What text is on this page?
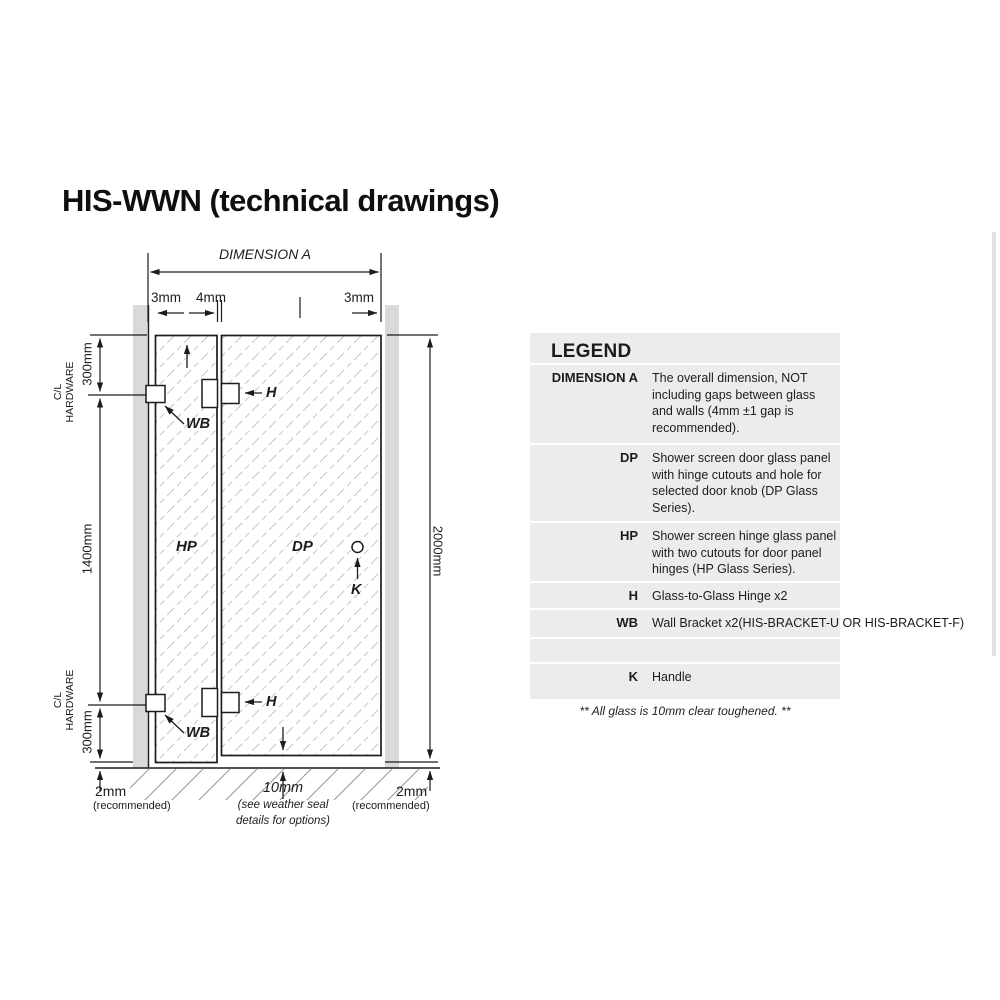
HIS-WWN (technical drawings)
DIMENSION A
3mm 4mm	3mm
C/L HARDWARE
C/L HARDWARE
300mm
1400mm
300mm
2000mm
HP	DP
WB
WB
H
H
K
2mm
(recommended)
10mm
(see weather seal
details for options)
2mm
(recommended)
LEGEND
DIMENSION A	The overall dimension, NOT including gaps between glass and walls (4mm ±1 gap is recommended).
DP	Shower screen door glass panel with hinge cutouts and hole for selected door knob (DP Glass Series).
HP	Shower screen hinge glass panel with two cutouts for door panel hinges (HP Glass Series).
H	Glass-to-Glass Hinge x2
WB	Wall Bracket x2(HIS-BRACKET-U OR HIS-BRACKET-F)
K	Handle
** All glass is 10mm clear toughened. **
